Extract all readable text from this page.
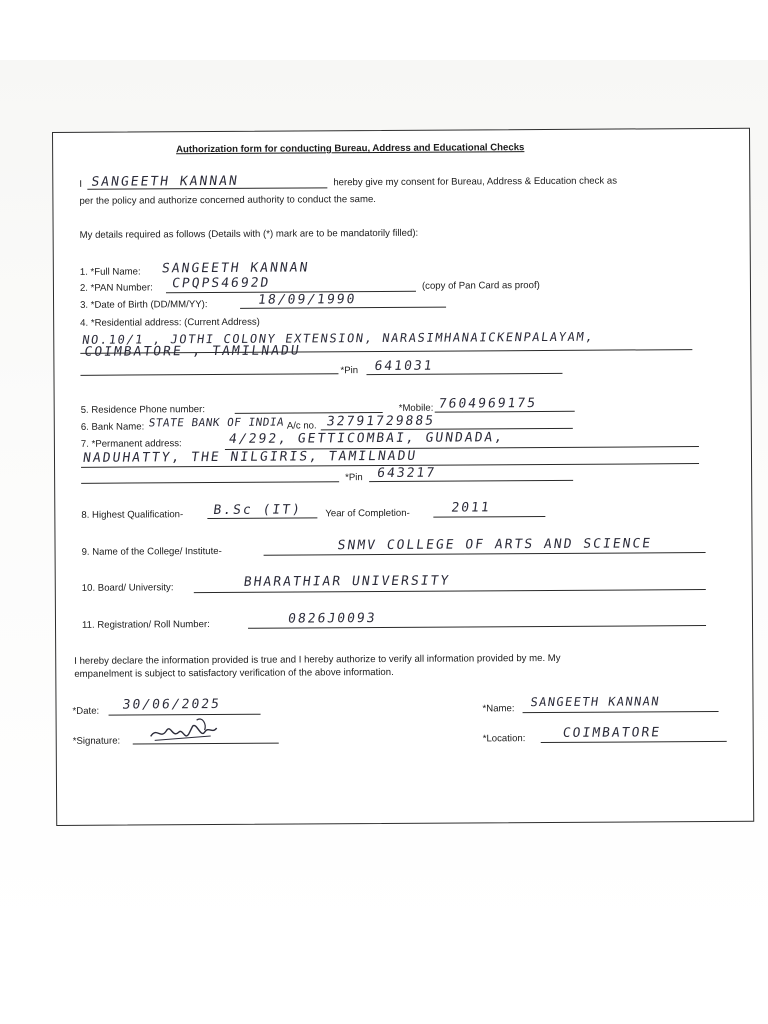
Authorization form for conducting Bureau, Address and Educational Checks
I SANGEETH KANNAN	hereby give my consent for Bureau, Address & Education check as
per the policy and authorize concerned authority to conduct the same.
My details required as follows (Details with (*) mark are to be mandatorily filled):
1. *Full Name: SANGEETH KANNAN
2. *PAN Number: CPQPS4692D	(copy of Pan Card as proof)
3. *Date of Birth (DD/MM/YY):	18/09/1990
4. *Residential address: (Current Address)
NO.10/1 , JOTHI COLONY EXTENSION, NARASIMHANAICKENPALAYAM,
COIMBATORE , TAMILNADU
*Pin 641031
5. Residence Phone number:	*Mobile: 7604969175
6. Bank Name: STATE BANK OF INDIA A/c no. 32791729885
7. *Permanent address:	4/292, GETTICOMBAI, GUNDADA,
NADUHATTY, THE NILGIRIS, TAMILNADU
*Pin 643217
8. Highest Qualification- B.Sc (IT) Year of Completion-	2011
9. Name of the College/ Institute-	SNMV COLLEGE OF ARTS AND SCIENCE
10. Board/ University:	BHARATHIAR UNIVERSITY
11. Registration/ Roll Number:	0826J0093
I hereby declare the information provided is true and I hereby authorize to verify all information provided by me. My
empanelment is subject to satisfactory verification of the above information.
*Date: 30/06/2025	*Name: SANGEETH KANNAN
*Signature:	*Location:	COIMBATORE
